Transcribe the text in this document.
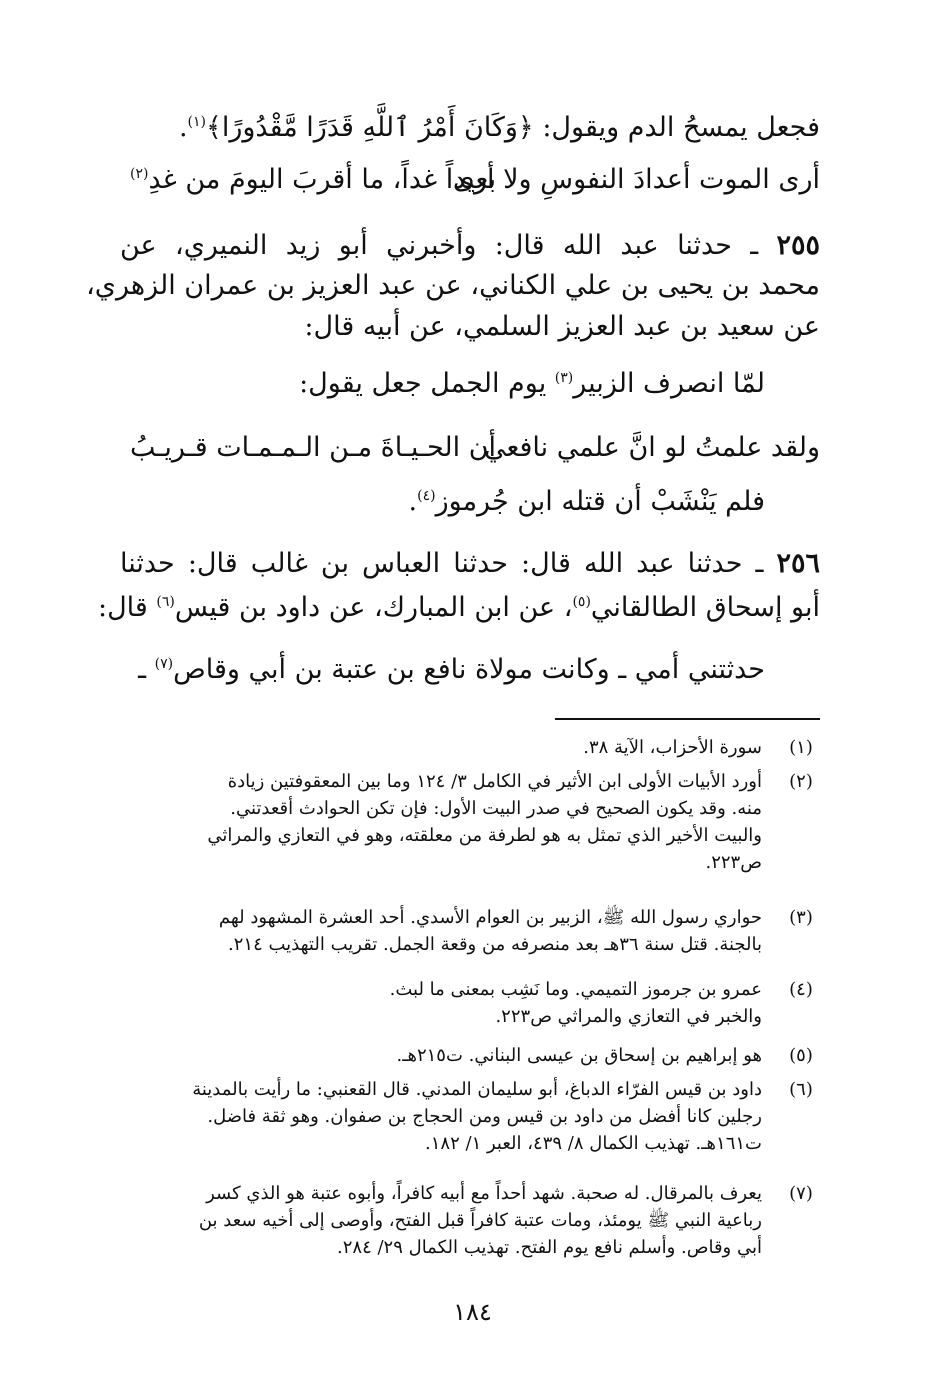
فجعل يمسحُ الدم ويقول: ﴿وَكَانَ أَمْرُ ٱللَّهِ قَدَرًا مَّقْدُورًا﴾$^{(١)}$.
أرى الموت أعدادَ النفوسِ ولا أرى
بعيداً غداً، ما أقربَ اليومَ من غدِ$^{(٢)}$
٢٥٥ ـ حدثنا عبد الله قال: وأخبرني أبو زيد النميري، عن
محمد بن يحيى بن علي الكناني، عن عبد العزيز بن عمران الزهري،
عن سعيد بن عبد العزيز السلمي، عن أبيه قال:
لمّا انصرف الزبير$^{(٣)}$ يوم الجمل جعل يقول:
ولقد علمتُ لو انَّ علمي نافعي
أن الحـيـاةَ مـن الـمـمـات قـريـبُ
فلم يَنْشَبْ أن قتله ابن جُرموز$^{(٤)}$.
٢٥٦ ـ حدثنا عبد الله قال: حدثنا العباس بن غالب قال: حدثنا
أبو إسحاق الطالقاني$^{(٥)}$، عن ابن المبارك، عن داود بن قيس$^{(٦)}$ قال:
حدثتني أمي ـ وكانت مولاة نافع بن عتبة بن أبي وقاص$^{(٧)}$ ـ
(١)
سورة الأحزاب، الآية ٣٨.
(٢)
أورد الأبيات الأولى ابن الأثير في الكامل ٣/ ١٢٤ وما بين المعقوفتين زيادة
منه. وقد يكون الصحيح في صدر البيت الأول: فإن تكن الحوادث أقعدتني.
والبيت الأخير الذي تمثل به هو لطرفة من معلقته، وهو في التعازي والمراثي
ص٢٢٣.
(٣)
حواري رسول الله ﷺ، الزبير بن العوام الأسدي. أحد العشرة المشهود لهم
بالجنة. قتل سنة ٣٦هـ بعد منصرفه من وقعة الجمل. تقريب التهذيب ٢١٤.
(٤)
عمرو بن جرموز التميمي. وما نَشِب بمعنى ما لبث.
والخبر في التعازي والمراثي ص٢٢٣.
(٥)
هو إبراهيم بن إسحاق بن عيسى البناني. ت٢١٥هـ.
(٦)
داود بن قيس الفرّاء الدباغ، أبو سليمان المدني. قال القعنبي: ما رأيت بالمدينة
رجلين كانا أفضل من داود بن قيس ومن الحجاج بن صفوان. وهو ثقة فاضل.
ت١٦١هـ. تهذيب الكمال ٨/ ٤٣٩، العبر ١/ ١٨٢.
(٧)
يعرف بالمرقال. له صحبة. شهد أحداً مع أبيه كافراً، وأبوه عتبة هو الذي كسر
رباعية النبي ﷺ يومئذ، ومات عتبة كافراً قبل الفتح، وأوصى إلى أخيه سعد بن
أبي وقاص. وأسلم نافع يوم الفتح. تهذيب الكمال ٢٩/ ٢٨٤.
١٨٤
